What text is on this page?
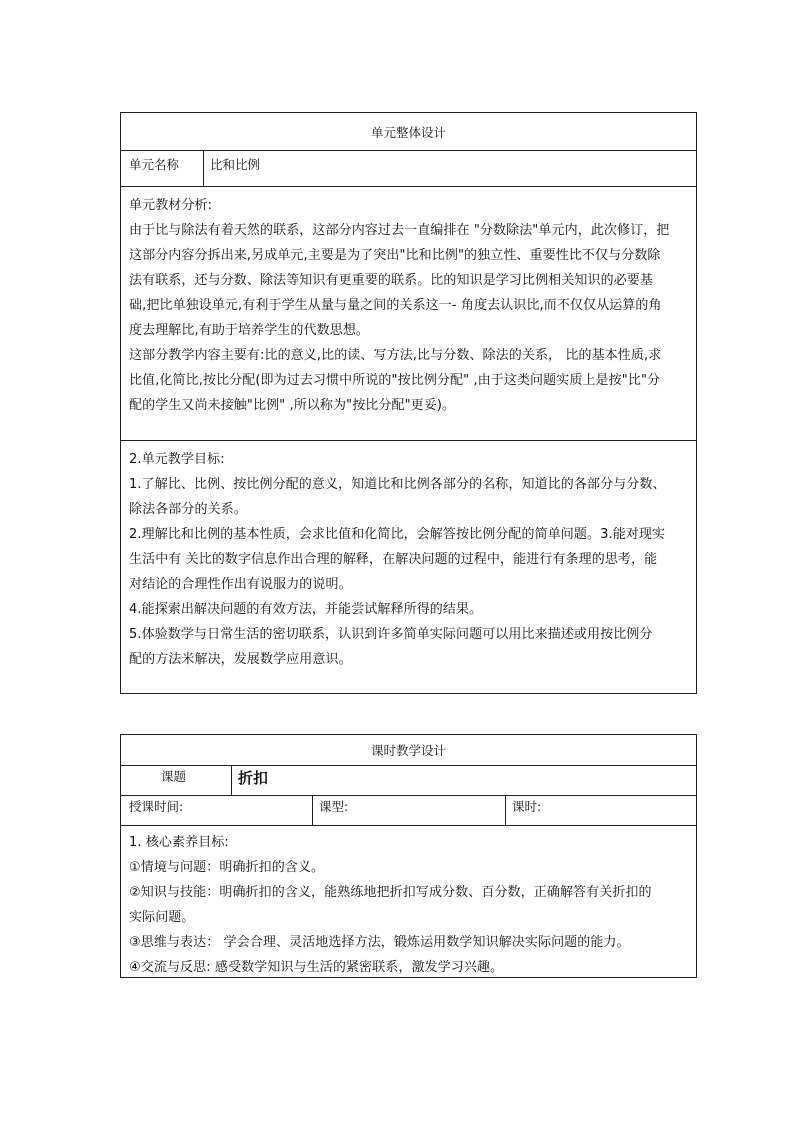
单元整体设计
单元名称	比和比例

单元教材分析:

由于比与除法有着天然的联系，这部分内容过去一直编排在 "分数除法"单元内，此次修订，把

这部分内容分拆出来,另成单元,主要是为了突出"比和比例"的独立性、重要性比不仅与分数除

法有联系，还与分数、除法等知识有更重要的联系。比的知识是学习比例相关知识的必要基

础,把比单独设单元,有利于学生从量与量之间的关系这一- 角度去认识比,而不仅仅从运算的角

度去理解比,有助于培养学生的代数思想。

这部分教学内容主要有:比的意义,比的读、写方法,比与分数、除法的关系， 比的基本性质,求

比值,化简比,按比分配(即为过去习惯中所说的"按比例分配" ,由于这类问题实质上是按"比"分

配的学生又尚未接触"比例" ,所以称为"按比分配"更妥)。

2.单元教学目标:

1.了解比、比例、按比例分配的意义，知道比和比例各部分的名称，知道比的各部分与分数、

除法各部分的关系。

2.理解比和比例的基本性质，会求比值和化简比，会解答按比例分配的简单问题。3.能对现实

生活中有 关比的数字信息作出合理的解释，在解决问题的过程中，能进行有条理的思考，能

对结论的合理性作出有说服力的说明。

4.能探索出解决问题的有效方法，并能尝试解释所得的结果。

5.体验数学与日常生活的密切联系，认识到许多简单实际问题可以用比来描述或用按比例分

配的方法米解决，发展数学应用意识。

课时教学设计
课题	折扣
授课时间:	课型:	课时:

1. 核心素养目标:

①情境与问题：明确折扣的含义。

②知识与技能：明确折扣的含义，能熟练地把折扣写成分数、百分数，正确解答有关折扣的

实际问题。

③思维与表达： 学会合理、灵活地选择方法，锻炼运用数学知识解决实际问题的能力。

④交流与反思: 感受数学知识与生活的紧密联系，激发学习兴趣。
